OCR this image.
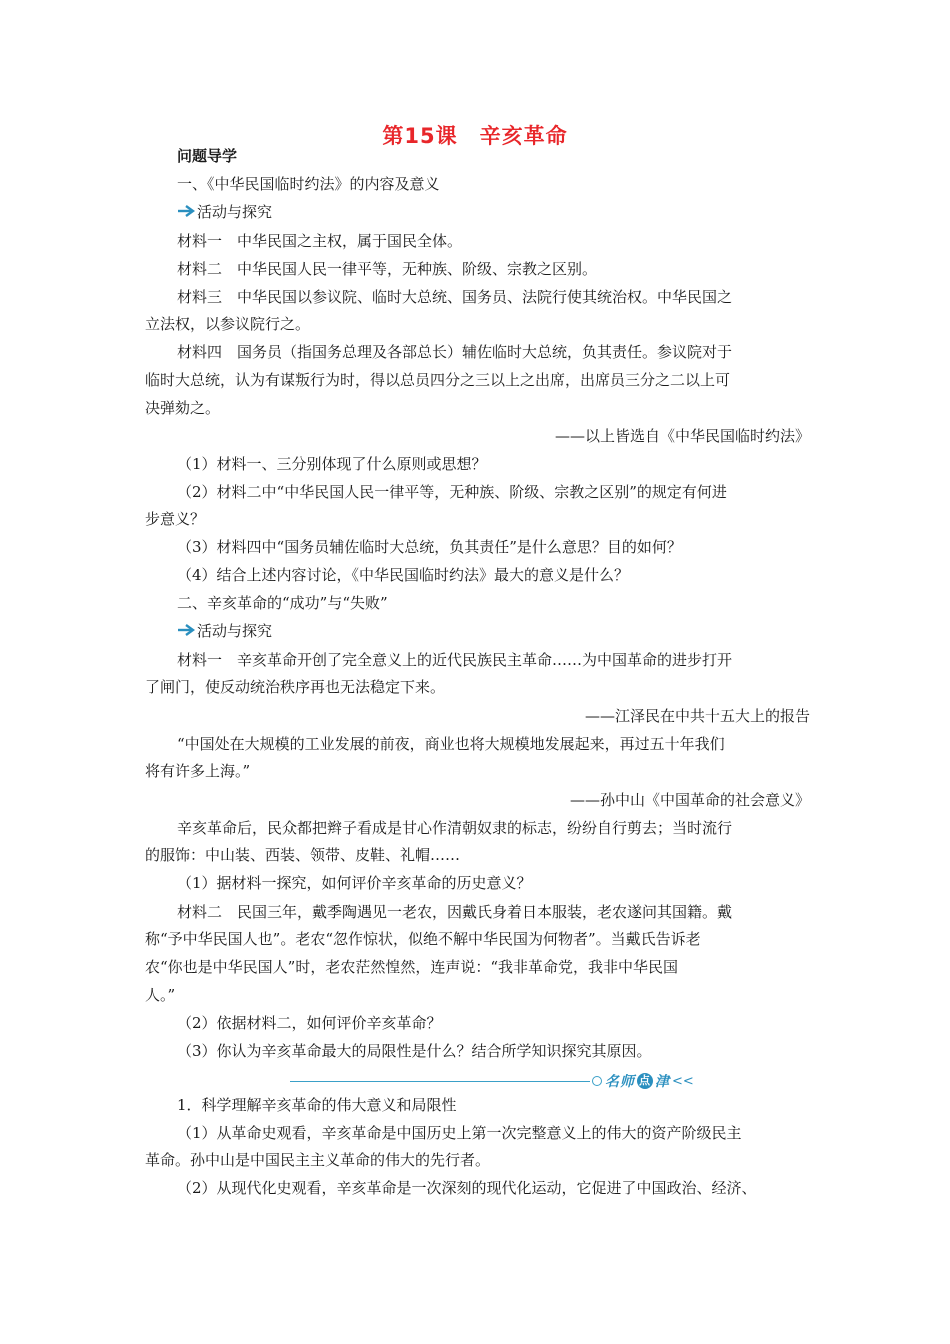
第15课　辛亥革命
问题导学
一、《中华民国临时约法》的内容及意义
活动与探究
材料一　中华民国之主权，属于国民全体。
材料二　中华民国人民一律平等，无种族、阶级、宗教之区别。
材料三　中华民国以参议院、临时大总统、国务员、法院行使其统治权。中华民国之
立法权，以参议院行之。
材料四　国务员（指国务总理及各部总长）辅佐临时大总统，负其责任。参议院对于
临时大总统，认为有谋叛行为时，得以总员四分之三以上之出席，出席员三分之二以上可
决弹劾之。
——以上皆选自《中华民国临时约法》
（1）材料一、三分别体现了什么原则或思想？
（2）材料二中“中华民国人民一律平等，无种族、阶级、宗教之区别”的规定有何进
步意义？
（3）材料四中“国务员辅佐临时大总统，负其责任”是什么意思？目的如何？
（4）结合上述内容讨论，《中华民国临时约法》最大的意义是什么？
二、辛亥革命的“成功”与“失败”
活动与探究
材料一　辛亥革命开创了完全意义上的近代民族民主革命……为中国革命的进步打开
了闸门，使反动统治秩序再也无法稳定下来。
——江泽民在中共十五大上的报告
“中国处在大规模的工业发展的前夜，商业也将大规模地发展起来，再过五十年我们
将有许多上海。”
——孙中山《中国革命的社会意义》
辛亥革命后，民众都把辫子看成是甘心作清朝奴隶的标志，纷纷自行剪去；当时流行
的服饰：中山装、西装、领带、皮鞋、礼帽……
（1）据材料一探究，如何评价辛亥革命的历史意义？
材料二　民国三年，戴季陶遇见一老农，因戴氏身着日本服装，老农遂问其国籍。戴
称“予中华民国人也”。老农“忽作惊状，似绝不解中华民国为何物者”。当戴氏告诉老
农“你也是中华民国人”时，老农茫然惶然，连声说：“我非革命党，我非中华民国
人。”
（2）依据材料二，如何评价辛亥革命？
（3）你认为辛亥革命最大的局限性是什么？结合所学知识探究其原因。
名师 点 津 <<
1．科学理解辛亥革命的伟大意义和局限性
（1）从革命史观看，辛亥革命是中国历史上第一次完整意义上的伟大的资产阶级民主
革命。孙中山是中国民主主义革命的伟大的先行者。
（2）从现代化史观看，辛亥革命是一次深刻的现代化运动，它促进了中国政治、经济、
